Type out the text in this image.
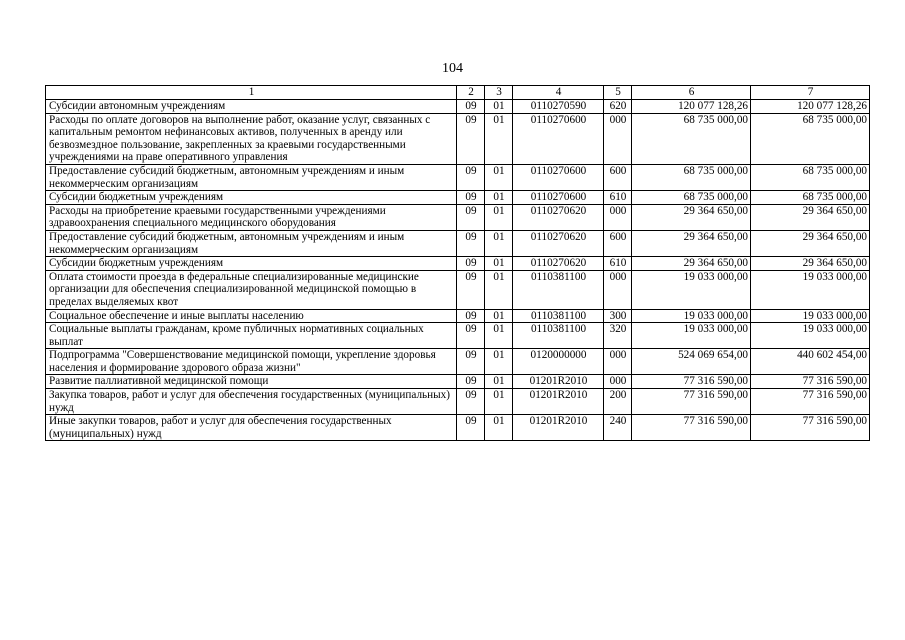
104
1	2	3	4	5	6	7
Субсидии автономным учреждениям	09	01	0110270590	620	120 077 128,26	120 077 128,26
Расходы по оплате договоров на выполнение работ, оказание услуг, связанных с капитальным ремонтом нефинансовых активов, полученных в аренду или безвозмездное пользование, закрепленных за краевыми государственными учреждениями на праве оперативного управления	09	01	0110270600	000	68 735 000,00	68 735 000,00
Предоставление субсидий бюджетным, автономным учреждениям и иным некоммерческим организациям	09	01	0110270600	600	68 735 000,00	68 735 000,00
Субсидии бюджетным учреждениям	09	01	0110270600	610	68 735 000,00	68 735 000,00
Расходы на приобретение краевыми государственными учреждениями здравоохранения специального медицинского оборудования	09	01	0110270620	000	29 364 650,00	29 364 650,00
Предоставление субсидий бюджетным, автономным учреждениям и иным некоммерческим организациям	09	01	0110270620	600	29 364 650,00	29 364 650,00
Субсидии бюджетным учреждениям	09	01	0110270620	610	29 364 650,00	29 364 650,00
Оплата стоимости проезда в федеральные специализированные медицинские организации для обеспечения специализированной медицинской помощью в пределах выделяемых квот	09	01	0110381100	000	19 033 000,00	19 033 000,00
Социальное обеспечение и иные выплаты населению	09	01	0110381100	300	19 033 000,00	19 033 000,00
Социальные выплаты гражданам, кроме публичных нормативных социальных выплат	09	01	0110381100	320	19 033 000,00	19 033 000,00
Подпрограмма "Совершенствование медицинской помощи, укрепление здоровья населения и формирование здорового образа жизни"	09	01	0120000000	000	524 069 654,00	440 602 454,00
Развитие паллиативной медицинской помощи	09	01	01201R2010	000	77 316 590,00	77 316 590,00
Закупка товаров, работ и услуг для обеспечения государственных (муниципальных) нужд	09	01	01201R2010	200	77 316 590,00	77 316 590,00
Иные закупки товаров, работ и услуг для обеспечения государственных (муниципальных) нужд	09	01	01201R2010	240	77 316 590,00	77 316 590,00
